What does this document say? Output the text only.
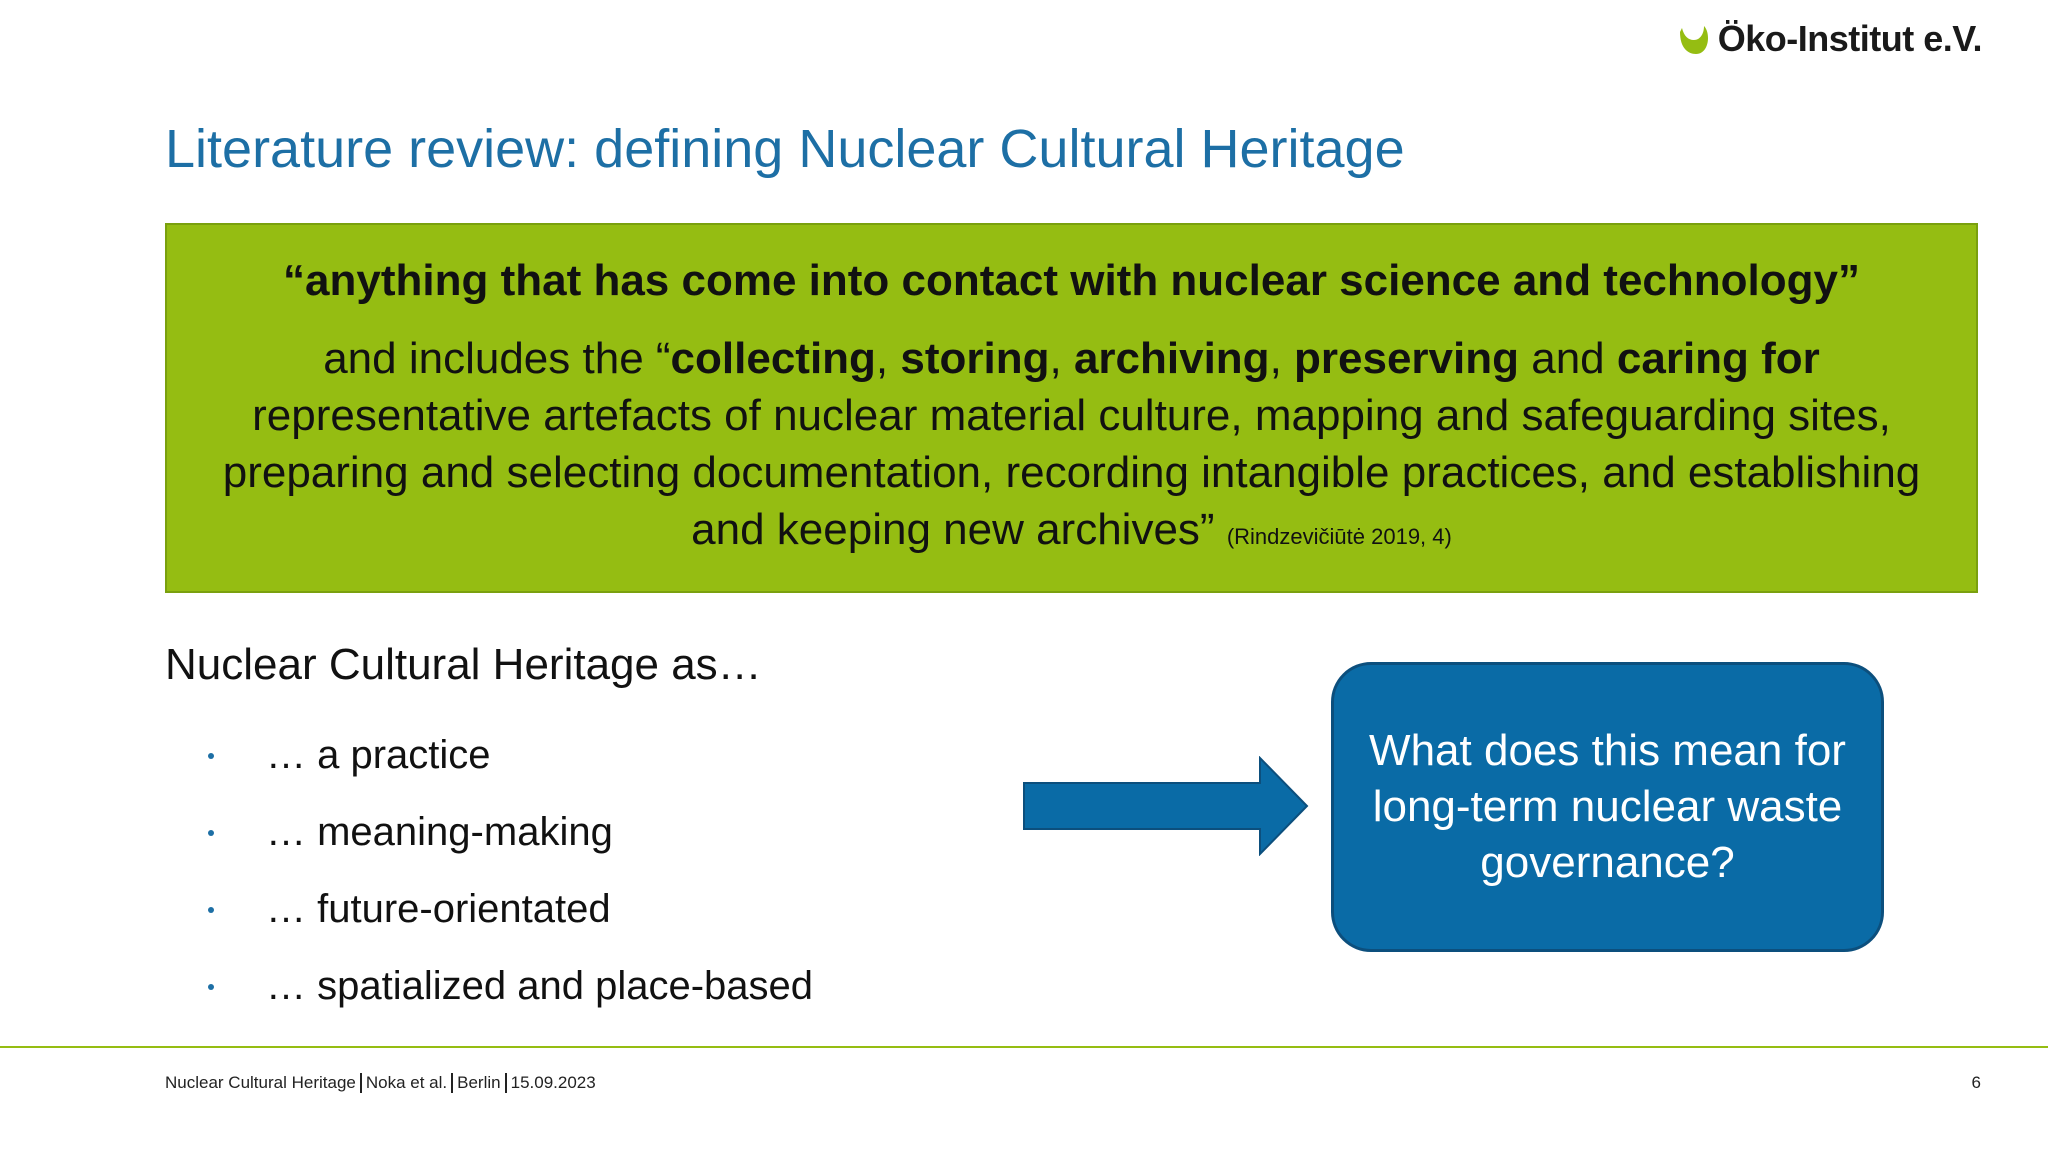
Öko-Institut e.V.
Literature review: defining Nuclear Cultural Heritage
“anything that has come into contact with nuclear science and technology”
and includes the “collecting, storing, archiving, preserving and caring for
representative artefacts of nuclear material culture, mapping and safeguarding sites, preparing and selecting documentation, recording intangible practices, and establishing and keeping new archives” (Rindzevičiūtė 2019, 4)
Nuclear Cultural Heritage as…
… a practice
… meaning-making
… future-orientated
… spatialized and place-based
What does this mean for long-term nuclear waste governance?
Nuclear Cultural Heritage Noka et al. Berlin 15.09.2023	6
